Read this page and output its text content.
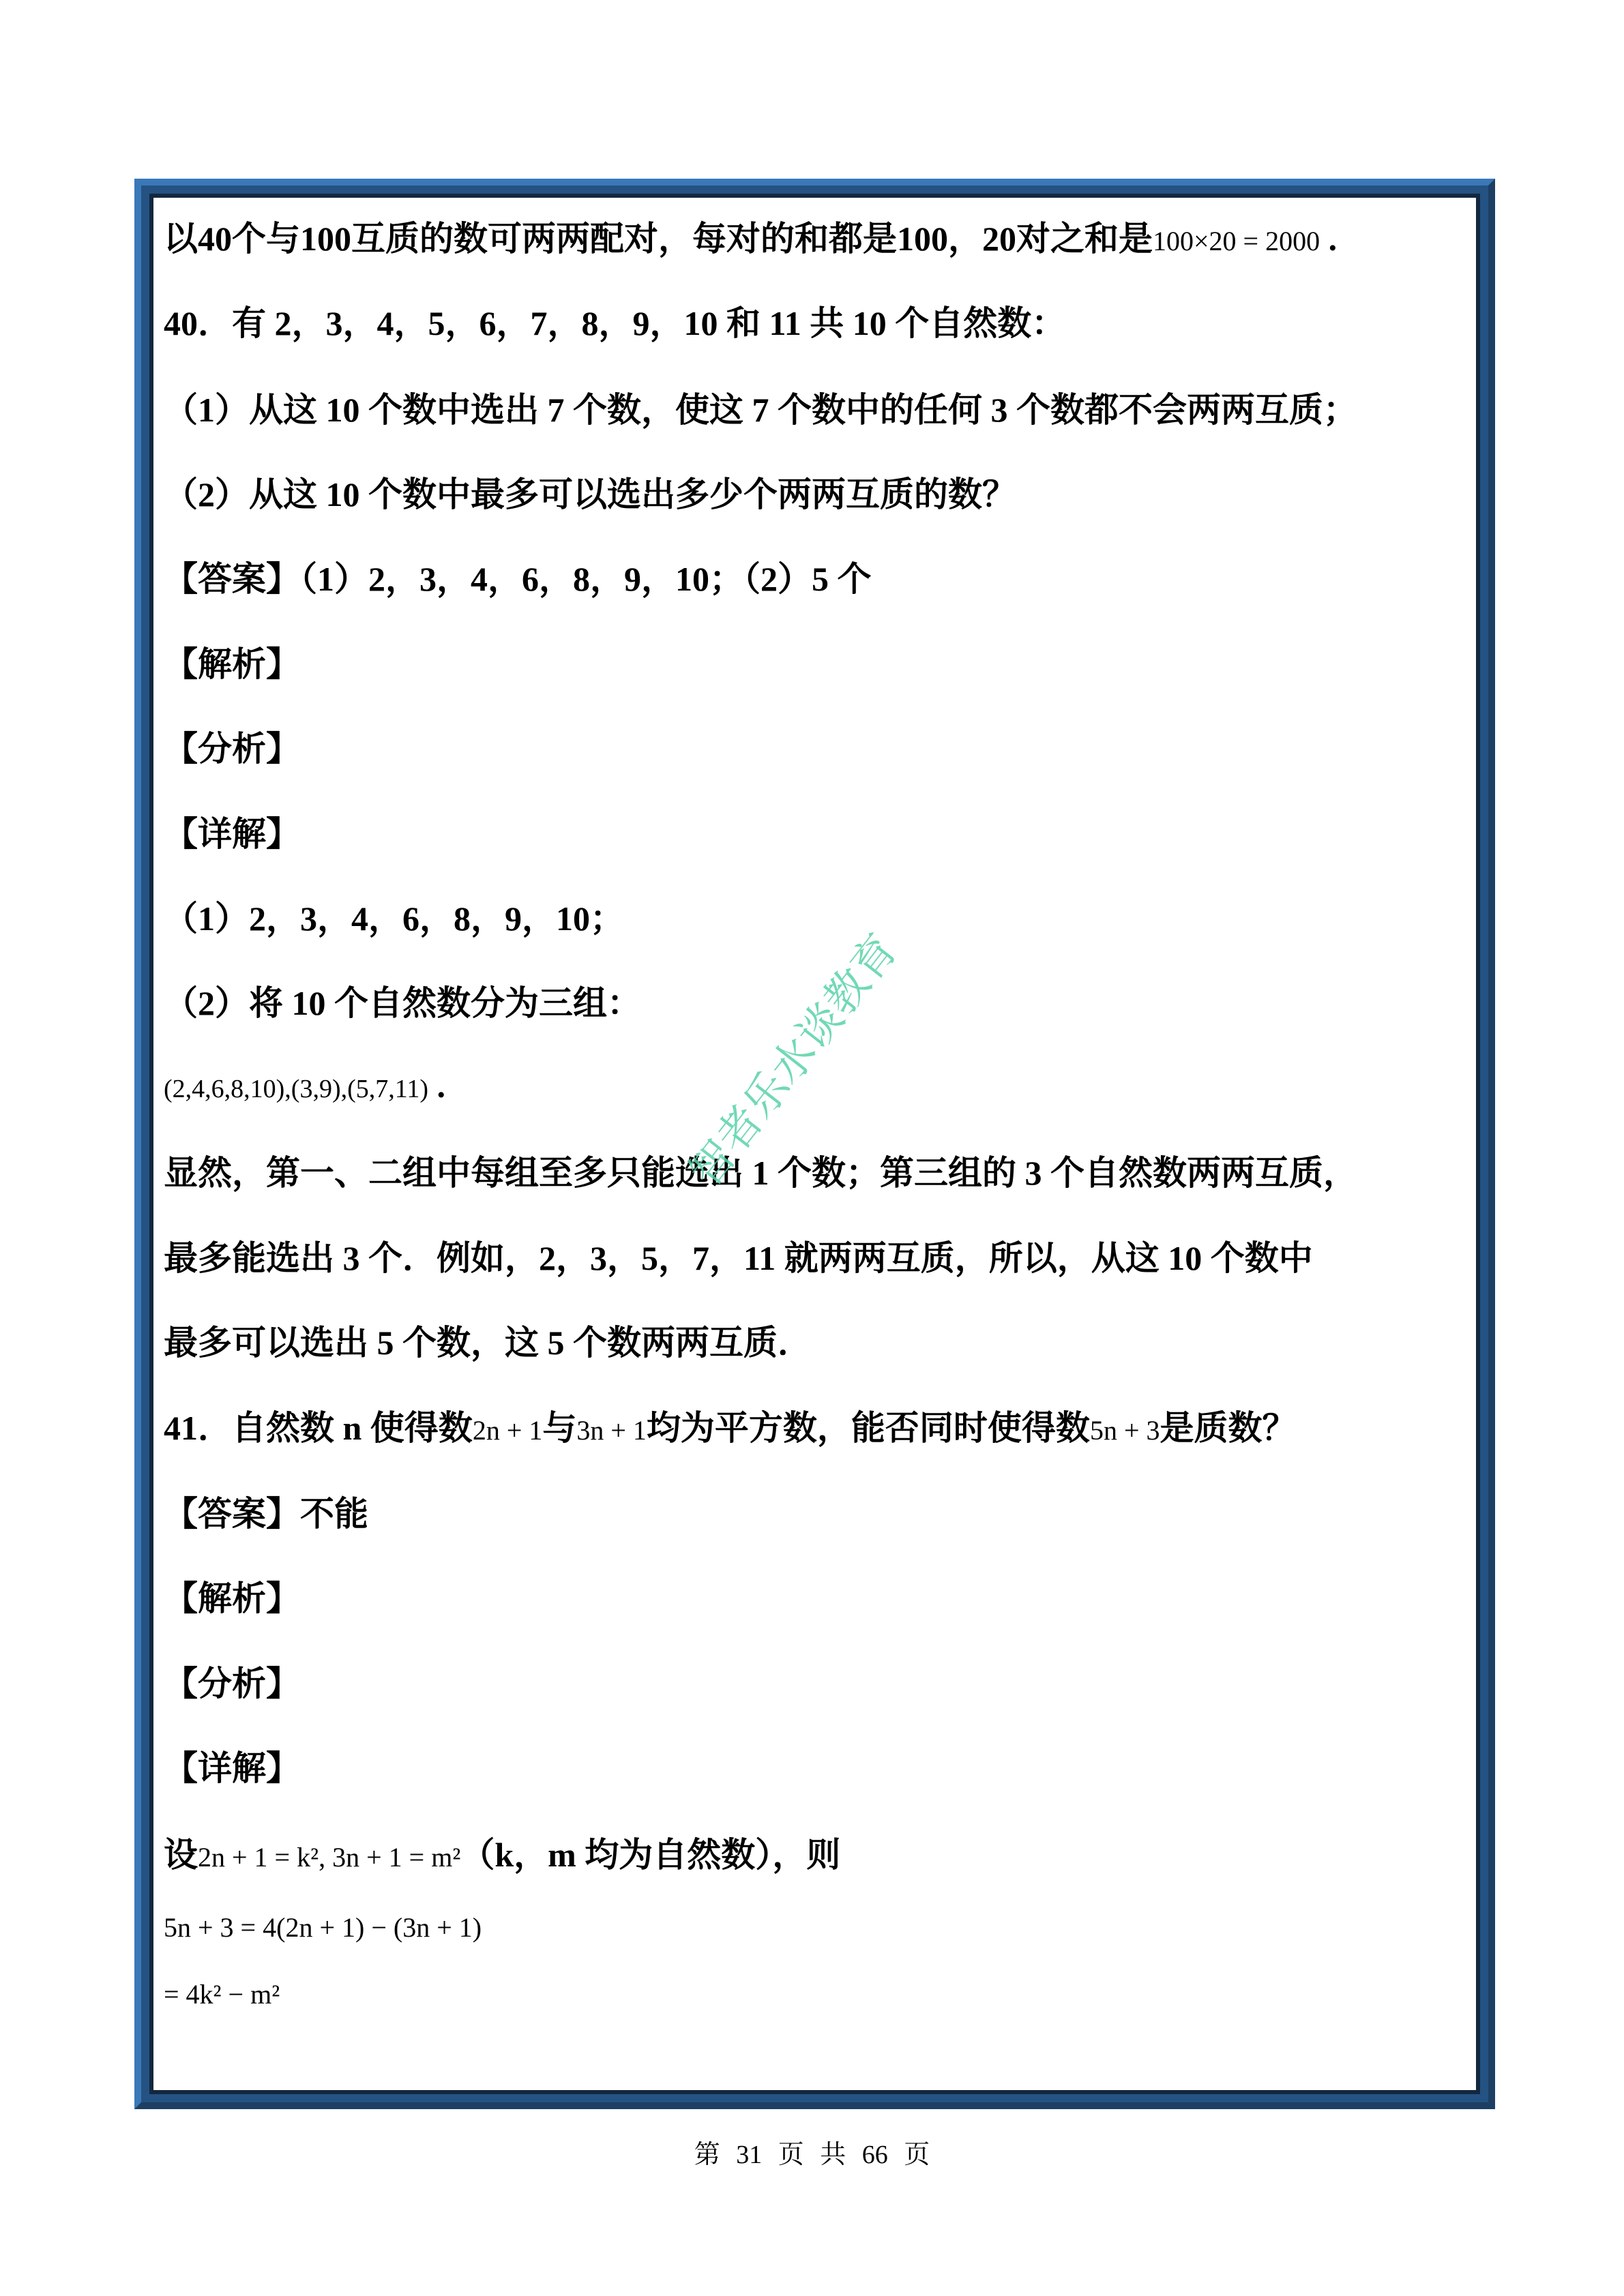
以40个与100互质的数可两两配对，每对的和都是100，20对之和是100×20 = 2000 .
40．有 2，3，4，5，6，7，8，9，10 和 11 共 10 个自然数：
（1）从这 10 个数中选出 7 个数，使这 7 个数中的任何 3 个数都不会两两互质；
（2）从这 10 个数中最多可以选出多少个两两互质的数？
【答案】（1）2，3，4，6，8，9，10；（2）5 个
【解析】
【分析】
【详解】
（1）2，3，4，6，8，9，10；
（2）将 10 个自然数分为三组：
(2,4,6,8,10),(3,9),(5,7,11) .
显然，第一、二组中每组至多只能选出 1 个数；第三组的 3 个自然数两两互质，
最多能选出 3 个．例如，2，3，5，7，11 就两两互质，所以，从这 10 个数中
最多可以选出 5 个数，这 5 个数两两互质．
41．自然数 n 使得数2n + 1与3n + 1均为平方数，能否同时使得数5n + 3是质数？
【答案】不能
【解析】
【分析】
【详解】
设2n + 1 = k², 3n + 1 = m²（k，m 均为自然数），则
5n + 3 = 4(2n + 1) − (3n + 1)
= 4k² − m²
智者乐水谈教育
第 31 页 共 66 页
